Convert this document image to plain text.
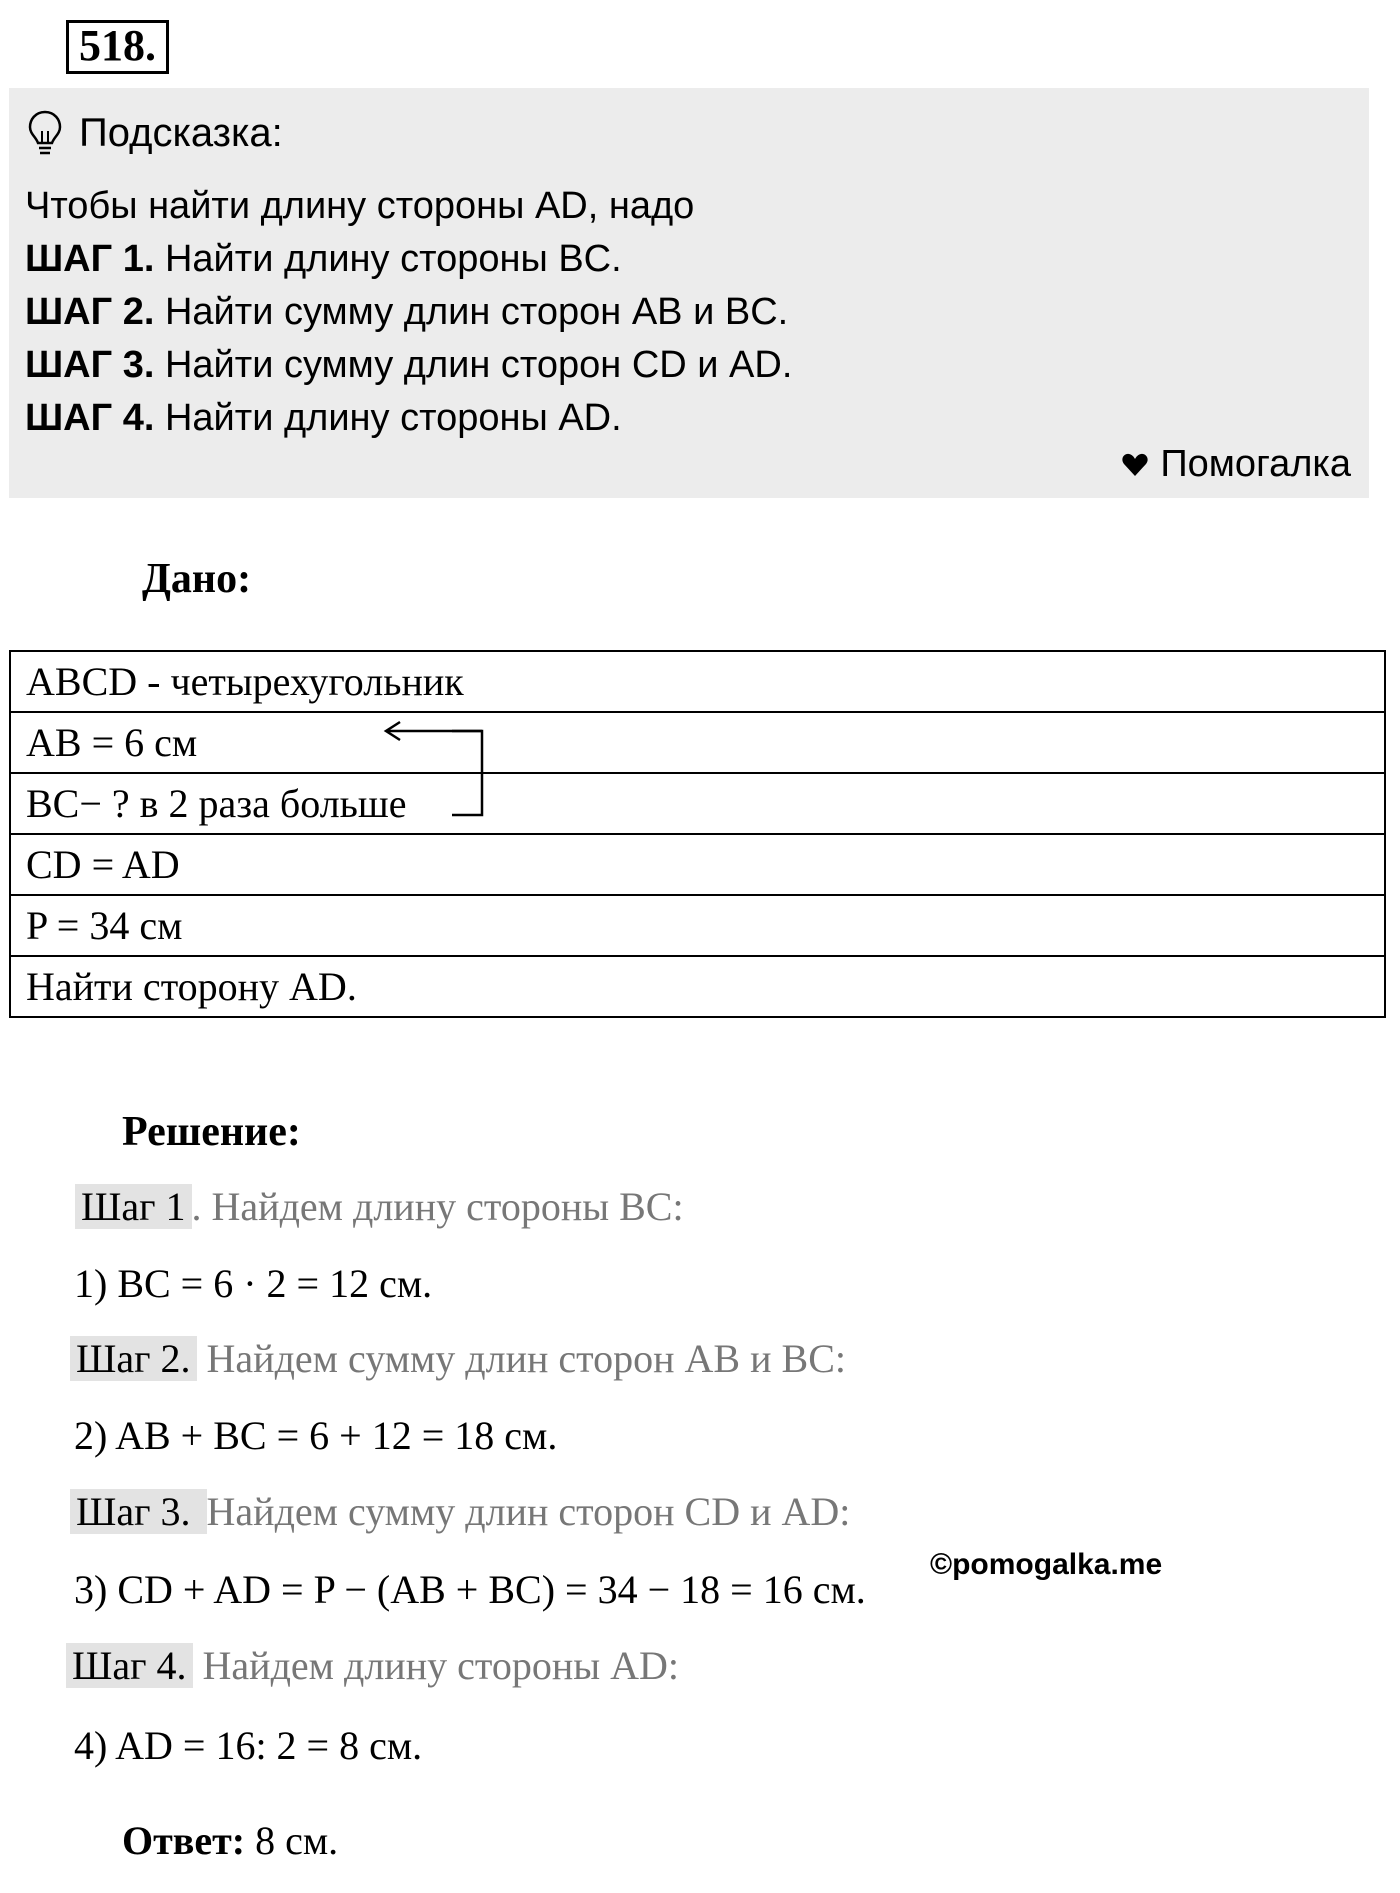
518.
Подсказка:
Чтобы найти длину стороны AD, надо
ШАГ 1. Найти длину стороны BC.
ШАГ 2. Найти сумму длин сторон AB и BC.
ШАГ 3. Найти сумму длин сторон CD и AD.
ШАГ 4. Найти длину стороны AD.
Помогалка
Дано:
ABCD - четырехугольник
AB = 6 см
BC− ? в 2 раза больше
CD = AD
P = 34 см
Найти сторону AD.
Решение:
Шаг 1 . Найдем длину стороны BC:
1) BC = 6 · 2 = 12 см.
Шаг 2. Найдем сумму длин сторон AB и BC:
2) AB + BC = 6 + 12 = 18 см.
Шаг 3. Найдем сумму длин сторон CD и AD:
©pomogalka.me
3) CD + AD = P − (AB + BC) = 34 − 18 = 16 см.
Шаг 4. Найдем длину стороны AD:
4) AD = 16: 2 = 8 см.
Ответ: 8 см.
